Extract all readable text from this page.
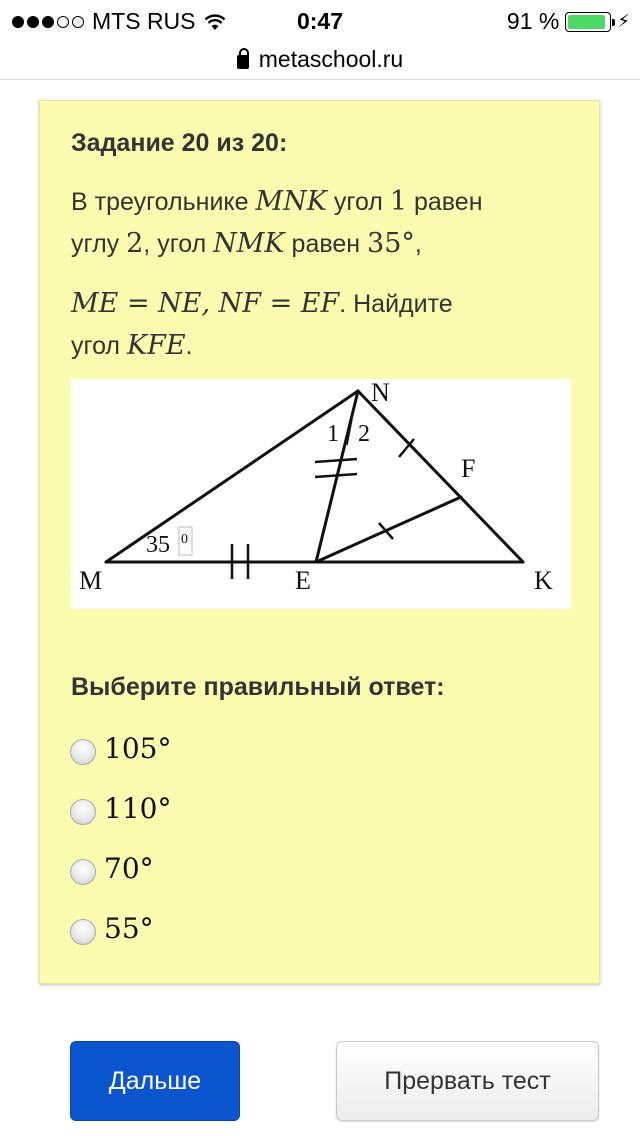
MTS RUS	0:47	91 %	⚡︎
metaschool.ru
Задание 20 из 20:
В треугольнике MNK угол 1 равен
углу 2, угол NMK равен 35°,
ME = NE, NF = EF. Найдите
угол KFE.
M
N
K
E
F
1 2
35 0
Выберите правильный ответ:
105°
110°
70°
55°
Дальше	Прервать тест
